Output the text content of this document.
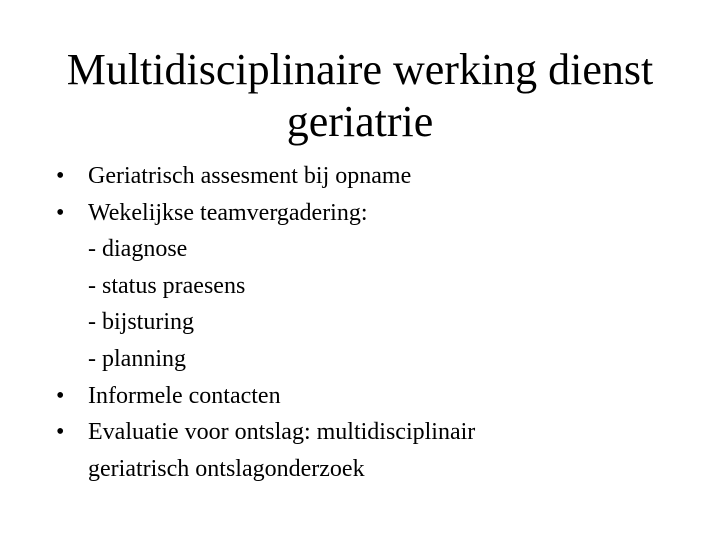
Multidisciplinaire werking dienst
geriatrie
• Geriatrisch assesment bij opname
• Wekelijkse teamvergadering:
- diagnose
- status praesens
- bijsturing
- planning
• Informele contacten
• Evaluatie voor ontslag: multidisciplinair
geriatrisch ontslagonderzoek
